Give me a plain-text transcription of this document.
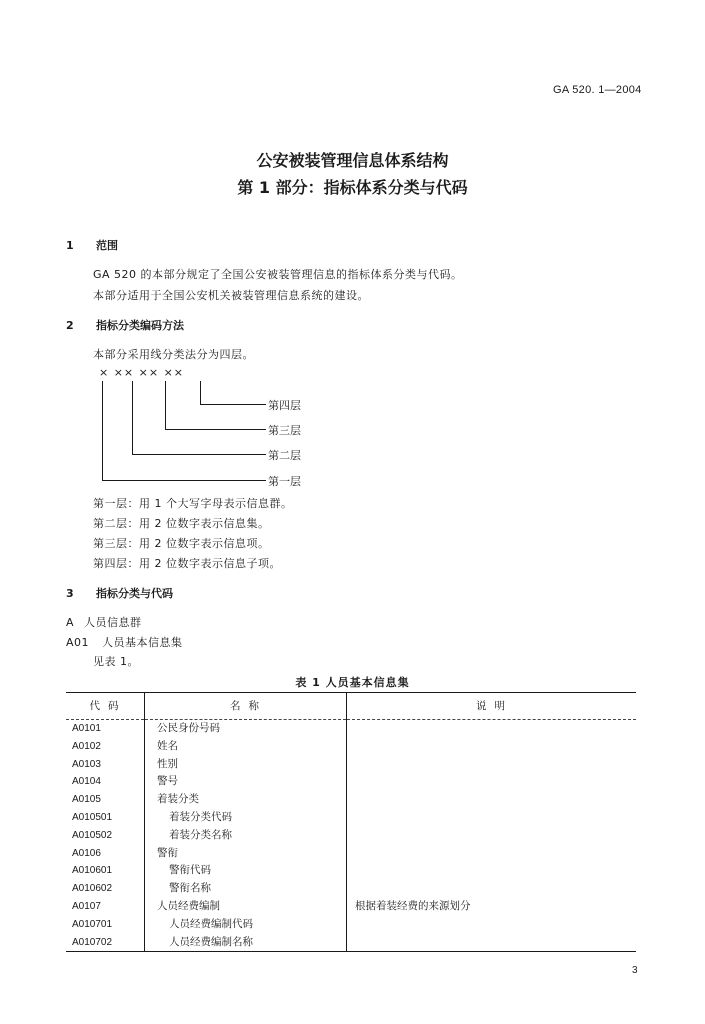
GA 520. 1—2004
公安被装管理信息体系结构
第 1 部分：指标体系分类与代码
1 范围
GA 520 的本部分规定了全国公安被装管理信息的指标体系分类与代码。
本部分适用于全国公安机关被装管理信息系统的建设。
2 指标分类编码方法
本部分采用线分类法分为四层。
× ×× ×× ××
第四层
第三层
第二层
第一层
第一层：用 1 个大写字母表示信息群。
第二层：用 2 位数字表示信息集。
第三层：用 2 位数字表示信息项。
第四层：用 2 位数字表示信息子项。
3 指标分类与代码
A 人员信息群
A01 人员基本信息集
见表 1。
表 1 人员基本信息集
代码	名称	说明
A0101	公民身份号码	
A0102	姓名	
A0103	性别	
A0104	警号	
A0105	着装分类	
A010501	着装分类代码	
A010502	着装分类名称	
A0106	警衔	
A010601	警衔代码	
A010602	警衔名称	
A0107	人员经费编制	根据着装经费的来源划分
A010701	人员经费编制代码	
A010702	人员经费编制名称	
3
